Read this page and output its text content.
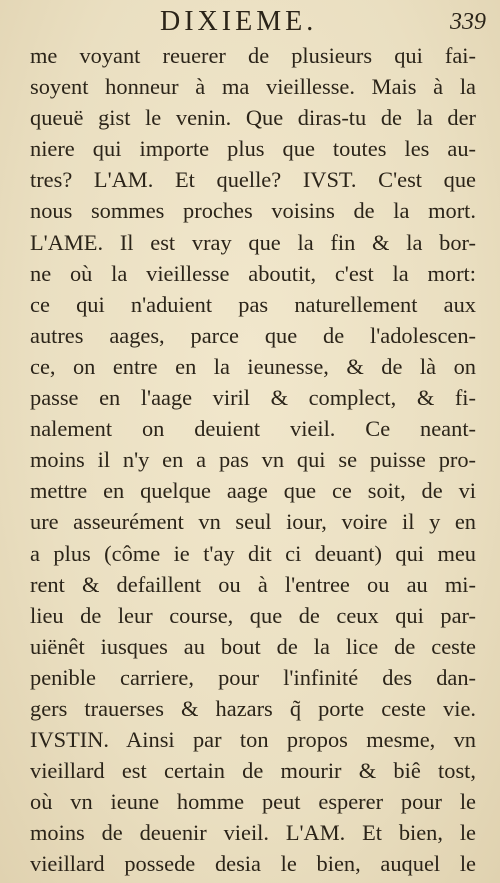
DIXIEME.	339
me voyant reuerer de plusieurs qui fai-
soyent honneur à ma vieillesse. Mais à la
queuë gist le venin. Que diras-tu de la der
niere qui importe plus que toutes les au-
tres? L'AM. Et quelle? IVST. C'est que
nous sommes proches voisins de la mort.
L'AME. Il est vray que la fin & la bor-
ne où la vieillesse aboutit, c'est la mort:
ce qui n'aduient pas naturellement aux
autres aages, parce que de l'adolescen-
ce, on entre en la ieunesse, & de là on
passe en l'aage viril & complect, & fi-
nalement on deuient vieil. Ce neant-
moins il n'y en a pas vn qui se puisse pro-
mettre en quelque aage que ce soit, de vi
ure asseurément vn seul iour, voire il y en
a plus (côme ie t'ay dit ci deuant) qui meu
rent & defaillent ou à l'entree ou au mi-
lieu de leur course, que de ceux qui par-
uiënêt iusques au bout de la lice de ceste
penible carriere, pour l'infinité des dan-
gers trauerses & hazars q̃ porte ceste vie.
IVSTIN. Ainsi par ton propos mesme, vn
vieillard est certain de mourir & biê tost,
où vn ieune homme peut esperer pour le
moins de deuenir vieil. L'AM. Et bien, le
vieillard possede desia le bien, auquel le
